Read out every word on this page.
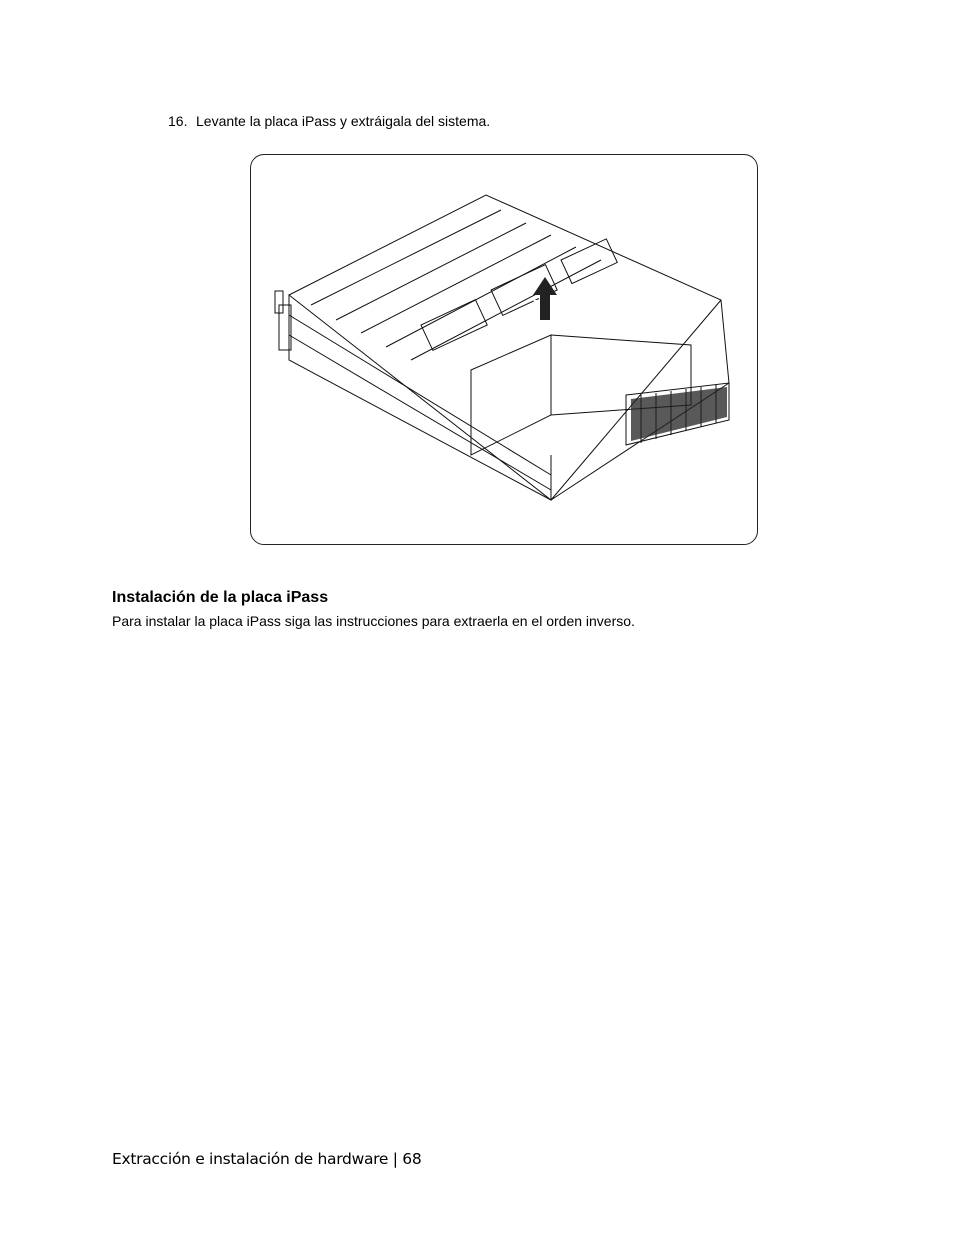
16. Levante la placa iPass y extráigala del sistema.
Instalación de la placa iPass
Para instalar la placa iPass siga las instrucciones para extraerla en el orden inverso.
Extracción e instalación de hardware | 68
